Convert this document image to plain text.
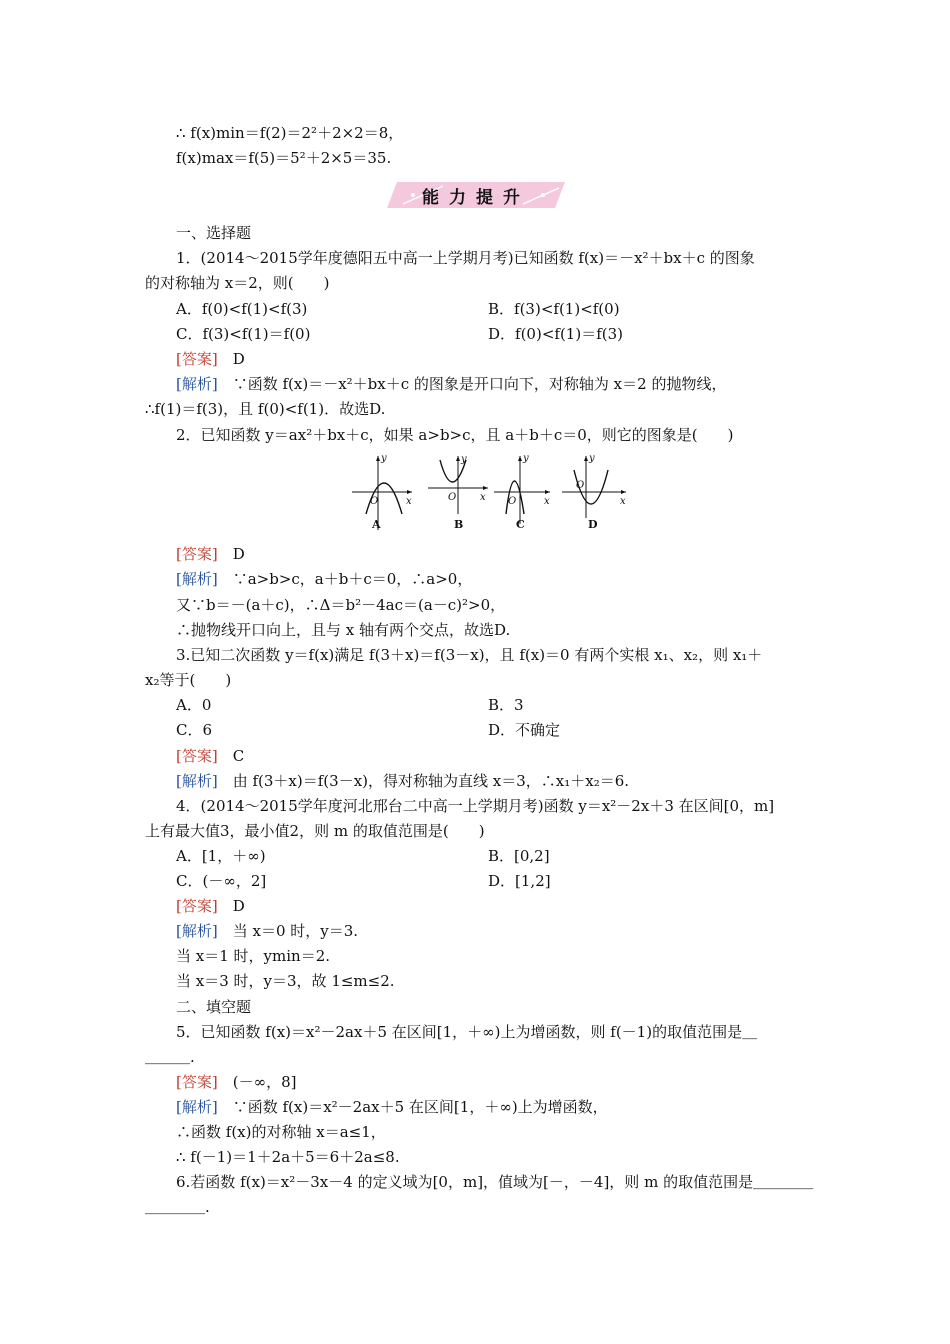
∴ f(x)min＝f(2)＝2²＋2×2＝8，
f(x)max＝f(5)＝5²＋2×5＝35.
能力提升
一、选择题
1．(2014～2015学年度德阳五中高一上学期月考)已知函数 f(x)＝－x²＋bx＋c 的图象
的对称轴为 x＝2，则(　　)
A．f(0)<f(1)<f(3)	B．f(3)<f(1)<f(0)
C．f(3)<f(1)＝f(0)	D．f(0)<f(1)＝f(3)
[答案]　D
[解析]　∵函数 f(x)＝－x²＋bx＋c 的图象是开口向下，对称轴为 x＝2 的抛物线，
∴f(1)＝f(3)，且 f(0)<f(1)．故选D.
2．已知函数 y＝ax²＋bx＋c，如果 a>b>c，且 a＋b＋c＝0，则它的图象是(　　)
y
x
O
A
y
x
O
B
y
x
O
C
y
x
O
D
[答案]　D
[解析]　∵a>b>c，a＋b＋c＝0，∴a>0，
又∵b＝－(a＋c)，∴Δ＝b²－4ac＝(a－c)²>0，
∴抛物线开口向上，且与 x 轴有两个交点，故选D.
3.已知二次函数 y＝f(x)满足 f(3＋x)＝f(3－x)，且 f(x)＝0 有两个实根 x₁、x₂，则 x₁＋
x₂等于(　　)
A．0	B．3
C．6	D．不确定
[答案]　C
[解析]　由 f(3＋x)＝f(3－x)，得对称轴为直线 x＝3，∴x₁＋x₂＝6.
4．(2014～2015学年度河北邢台二中高一上学期月考)函数 y＝x²－2x＋3 在区间[0，m]
上有最大值3，最小值2，则 m 的取值范围是(　　)
A．[1，＋∞)	B．[0,2]
C．(－∞，2]	D．[1,2]
[答案]　D
[解析]　当 x＝0 时，y＝3.
当 x＝1 时，ymin＝2.
当 x＝3 时，y＝3，故 1≤m≤2.
二、填空题
5．已知函数 f(x)＝x²－2ax＋5 在区间[1，＋∞)上为增函数，则 f(－1)的取值范围是＿
＿＿＿.
[答案]　(－∞，8]
[解析]　∵函数 f(x)＝x²－2ax＋5 在区间[1，＋∞)上为增函数，
∴函数 f(x)的对称轴 x＝a≤1，
∴ f(－1)＝1＋2a＋5＝6＋2a≤8.
6.若函数 f(x)＝x²－3x－4 的定义域为[0，m]，值域为[－，－4]，则 m 的取值范围是＿＿＿＿
＿＿＿＿.
